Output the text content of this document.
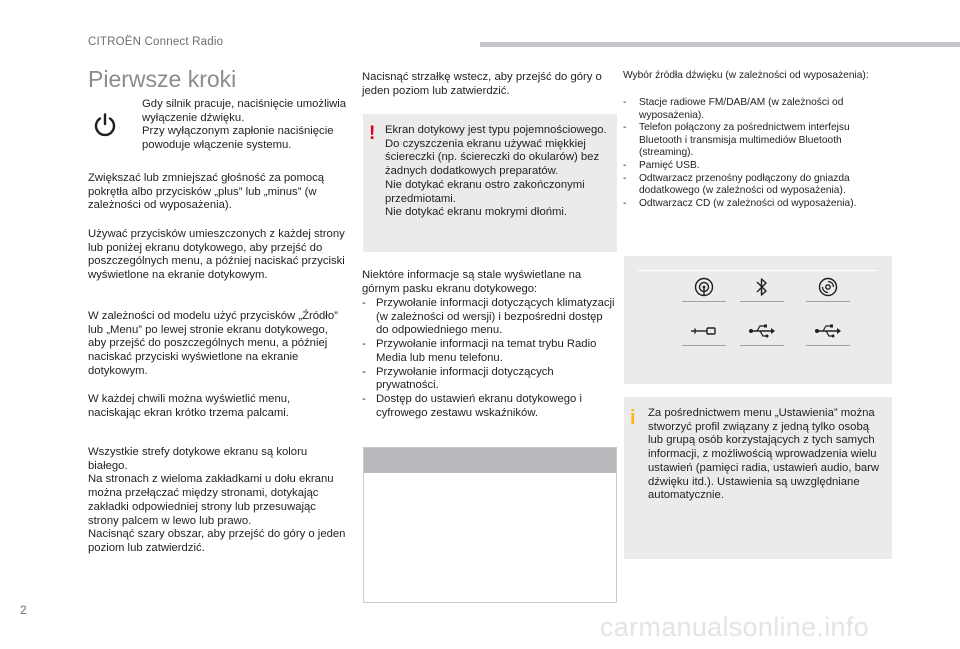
CITROËN Connect Radio
Pierwsze kroki
Gdy silnik pracuje, naciśnięcie umożliwia wyłączenie dźwięku.
Przy wyłączonym zapłonie naciśnięcie powoduje włączenie systemu.
Zwiększać lub zmniejszać głośność za pomocą pokrętła albo przycisków „plus” lub „minus” (w zależności od wyposażenia).
Używać przycisków umieszczonych z każdej strony lub poniżej ekranu dotykowego, aby przejść do poszczególnych menu, a później naciskać przyciski wyświetlone na ekranie dotykowym.
W zależności od modelu użyć przycisków „Źródło” lub „Menu” po lewej stronie ekranu dotykowego, aby przejść do poszczególnych menu, a później naciskać przyciski wyświetlone na ekranie dotykowym.
W każdej chwili można wyświetlić menu, naciskając ekran krótko trzema palcami.
Wszystkie strefy dotykowe ekranu są koloru białego.
Na stronach z wieloma zakładkami u dołu ekranu można przełączać między stronami, dotykając zakładki odpowiedniej strony lub przesuwając strony palcem w lewo lub prawo.
Nacisnąć szary obszar, aby przejść do góry o jeden poziom lub zatwierdzić.
Nacisnąć strzałkę wstecz, aby przejść do góry o jeden poziom lub zatwierdzić.
! Ekran dotykowy jest typu pojemnościowego.
Do czyszczenia ekranu używać miękkiej ściereczki (np. ściereczki do okularów) bez żadnych dodatkowych preparatów.
Nie dotykać ekranu ostro zakończonymi przedmiotami.
Nie dotykać ekranu mokrymi dłońmi.
Niektóre informacje są stale wyświetlane na górnym pasku ekranu dotykowego:
- Przywołanie informacji dotyczących klimatyzacji (w zależności od wersji) i bezpośredni dostęp do odpowiedniego menu.
- Przywołanie informacji na temat trybu Radio Media lub menu telefonu.
- Przywołanie informacji dotyczących prywatności.
- Dostęp do ustawień ekranu dotykowego i cyfrowego zestawu wskaźników.
Wybór źródła dźwięku (w zależności od wyposażenia):
- Stacje radiowe FM/DAB/AM (w zależności od wyposażenia).
- Telefon połączony za pośrednictwem interfejsu Bluetooth i transmisja multimediów Bluetooth (streaming).
- Pamięć USB.
- Odtwarzacz przenośny podłączony do gniazda dodatkowego (w zależności od wyposażenia).
- Odtwarzacz CD (w zależności od wyposażenia).
i Za pośrednictwem menu „Ustawienia” można stworzyć profil związany z jedną tylko osobą lub grupą osób korzystających z tych samych informacji, z możliwością wprowadzenia wielu ustawień (pamięci radia, ustawień audio, barw dźwięku itd.). Ustawienia są uwzględniane automatycznie.
2
carmanualsonline.info
